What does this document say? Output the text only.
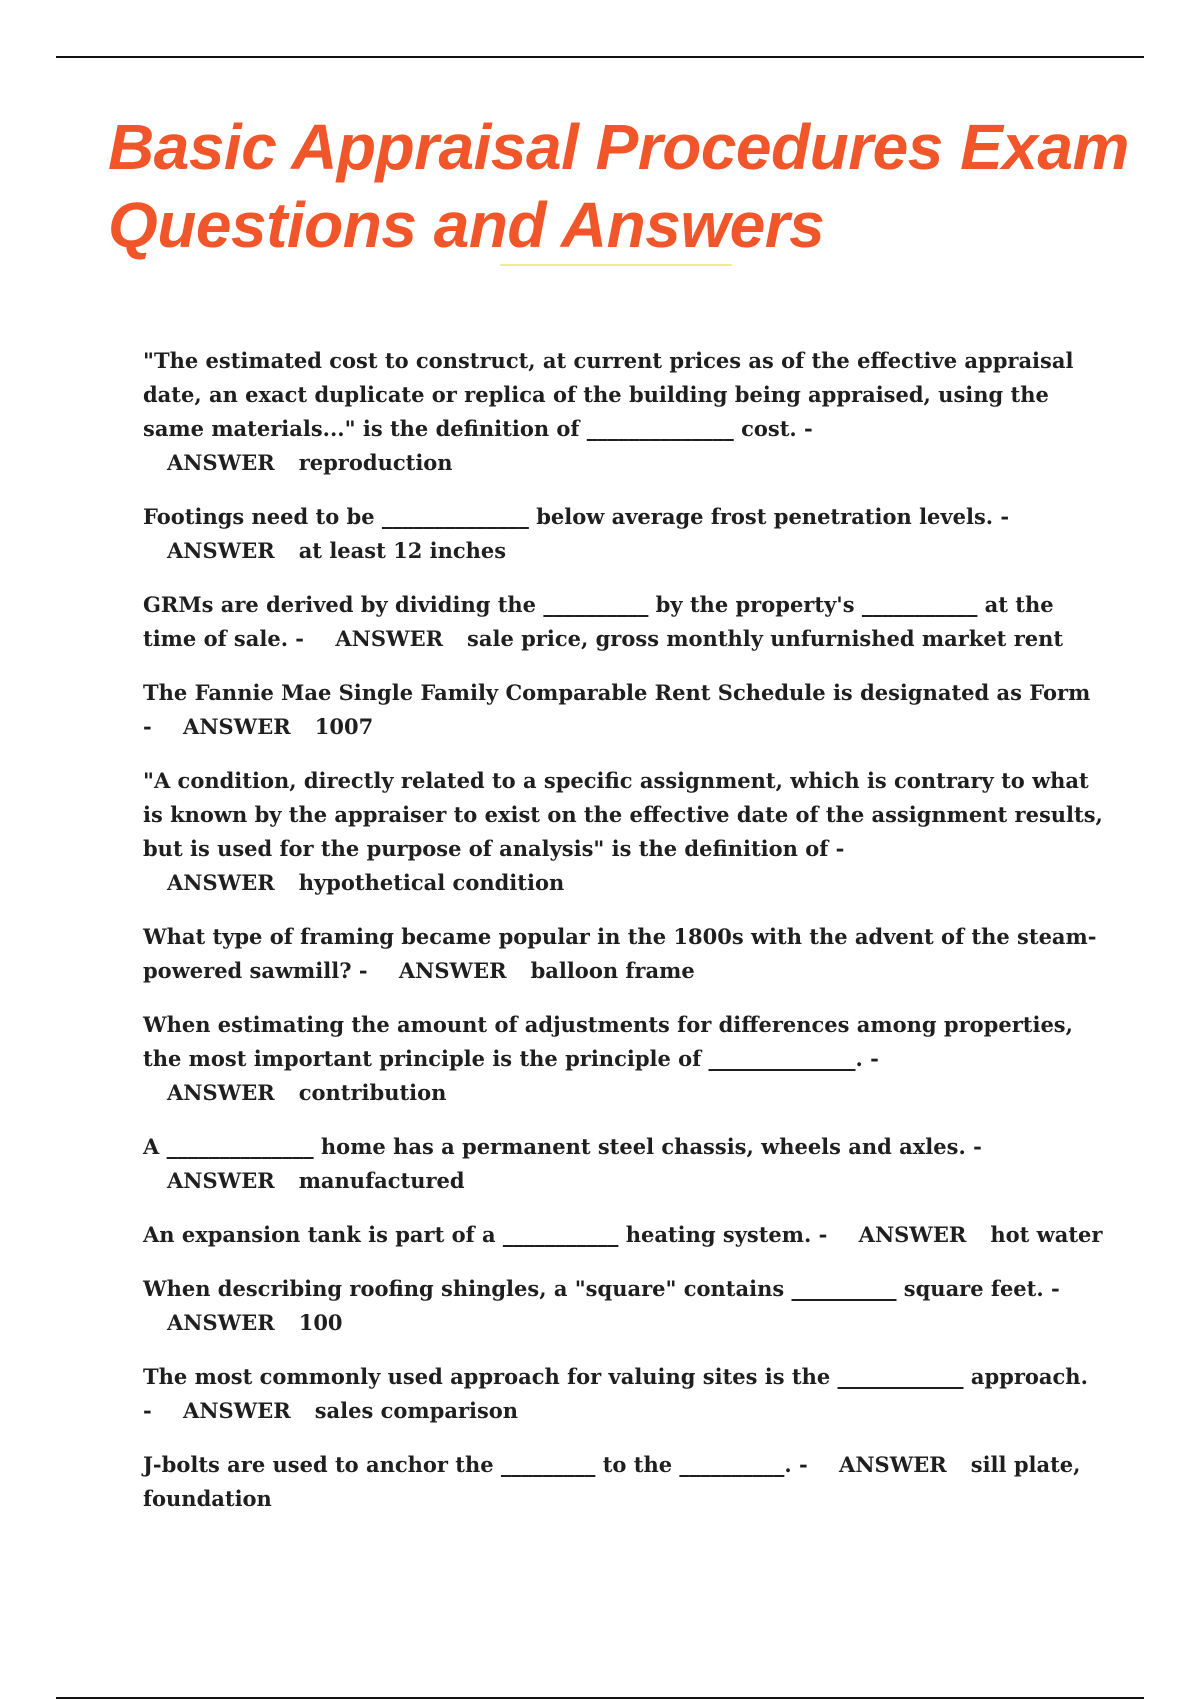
Basic Appraisal Procedures Exam
Questions and Answers
"The estimated cost to construct, at current prices as of the effective appraisal date, an exact duplicate or replica of the building being appraised, using the same materials..." is the definition of ______________ cost. - ANSWER reproduction
Footings need to be ______________ below average frost penetration levels. - ANSWER at least 12 inches
GRMs are derived by dividing the __________ by the property's ___________ at the time of sale. - ANSWER sale price, gross monthly unfurnished market rent
The Fannie Mae Single Family Comparable Rent Schedule is designated as Form - ANSWER 1007
"A condition, directly related to a specific assignment, which is contrary to what is known by the appraiser to exist on the effective date of the assignment results, but is used for the purpose of analysis" is the definition of - ANSWER hypothetical condition
What type of framing became popular in the 1800s with the advent of the steam-powered sawmill? - ANSWER balloon frame
When estimating the amount of adjustments for differences among properties, the most important principle is the principle of ______________. - ANSWER contribution
A ______________ home has a permanent steel chassis, wheels and axles. - ANSWER manufactured
An expansion tank is part of a ___________ heating system. - ANSWER hot water
When describing roofing shingles, a "square" contains __________ square feet. - ANSWER 100
The most commonly used approach for valuing sites is the ____________ approach. - ANSWER sales comparison
J-bolts are used to anchor the _________ to the __________. - ANSWER sill plate, foundation
